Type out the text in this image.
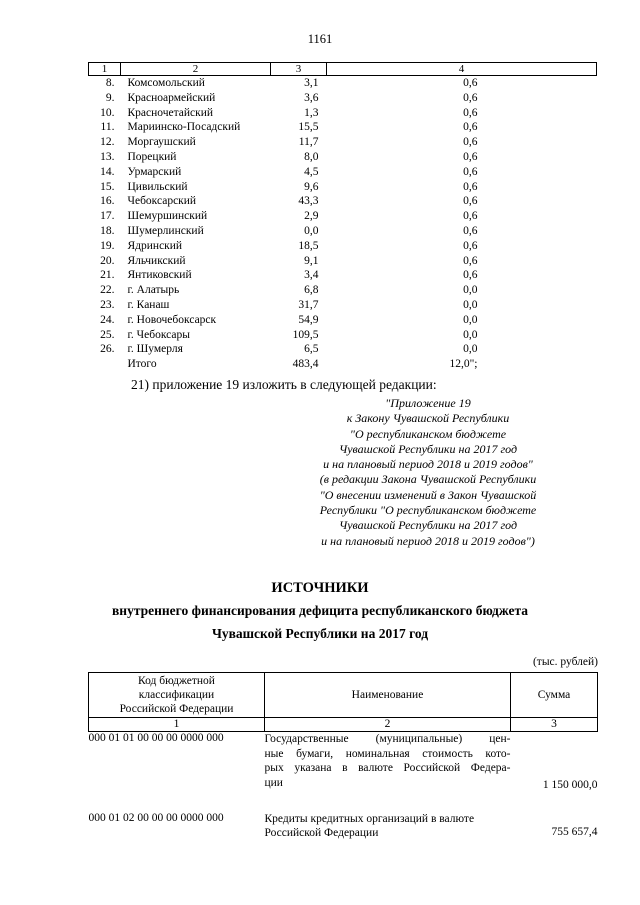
1161
1	2	3	4
8.	Комсомольский	3,1	0,6
9.	Красноармейский	3,6	0,6
10.	Красночетайский	1,3	0,6
11.	Мариинско-Посадский	15,5	0,6
12.	Моргаушский	11,7	0,6
13.	Порецкий	8,0	0,6
14.	Урмарский	4,5	0,6
15.	Цивильский	9,6	0,6
16.	Чебоксарский	43,3	0,6
17.	Шемуршинский	2,9	0,6
18.	Шумерлинский	0,0	0,6
19.	Ядринский	18,5	0,6
20.	Яльчикский	9,1	0,6
21.	Янтиковский	3,4	0,6
22.	г. Алатырь	6,8	0,0
23.	г. Канаш	31,7	0,0
24.	г. Новочебоксарск	54,9	0,0
25.	г. Чебоксары	109,5	0,0
26.	г. Шумерля	6,5	0,0
	Итого	483,4	12,0";
21) приложение 19 изложить в следующей редакции:
"Приложение 19
к Закону Чувашской Республики
"О республиканском бюджете
Чувашской Республики на 2017 год
и на плановый период 2018 и 2019 годов"
(в редакции Закона Чувашской Республики
"О внесении изменений в Закон Чувашской
Республики "О республиканском бюджете
Чувашской Республики на 2017 год
и на плановый период 2018 и 2019 годов")
ИСТОЧНИКИ
внутреннего финансирования дефицита республиканского бюджета
Чувашской Республики на 2017 год
(тыс. рублей)
Код бюджетной
классификации
Российской Федерации	Наименование	Сумма
1	2	3
000 01 01 00 00 00 0000 000	Государственные (муниципальные) цен-
ные бумаги, номинальная стоимость кото-
рых указана в валюте Российской Федера-
ции	1 150 000,0
000 01 02 00 00 00 0000 000	Кредиты кредитных организаций в валюте
Российской Федерации	755 657,4
